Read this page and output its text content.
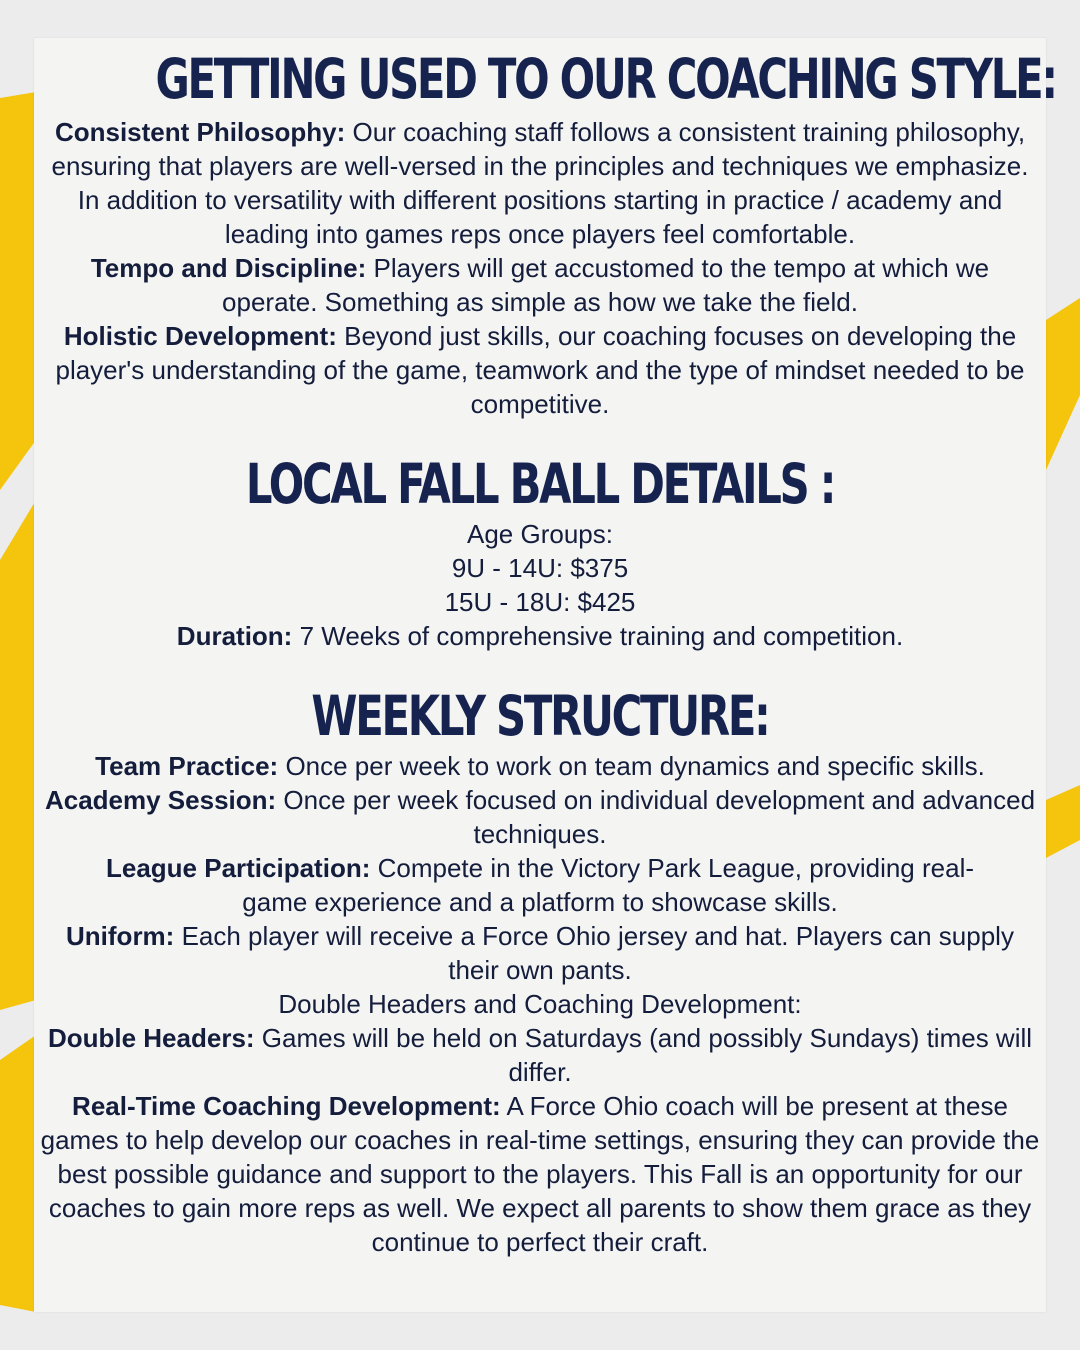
GETTING USED TO OUR COACHING STYLE:

Consistent Philosophy: Our coaching staff follows a consistent training philosophy, ensuring that players are well-versed in the principles and techniques we emphasize. In addition to versatility with different positions starting in practice / academy and leading into games reps once players feel comfortable.

Tempo and Discipline: Players will get accustomed to the tempo at which we operate. Something as simple as how we take the field.

Holistic Development: Beyond just skills, our coaching focuses on developing the player's understanding of the game, teamwork and the type of mindset needed to be competitive.

LOCAL FALL BALL DETAILS :

Age Groups:

9U - 14U: $375

15U - 18U: $425

Duration: 7 Weeks of comprehensive training and competition.

WEEKLY STRUCTURE:

Team Practice: Once per week to work on team dynamics and specific skills.

Academy Session: Once per week focused on individual development and advanced techniques.

League Participation: Compete in the Victory Park League, providing real-game experience and a platform to showcase skills.

Uniform: Each player will receive a Force Ohio jersey and hat. Players can supply their own pants.

Double Headers and Coaching Development:

Double Headers: Games will be held on Saturdays (and possibly Sundays) times will differ.

Real-Time Coaching Development: A Force Ohio coach will be present at these games to help develop our coaches in real-time settings, ensuring they can provide the best possible guidance and support to the players. This Fall is an opportunity for our coaches to gain more reps as well. We expect all parents to show them grace as they continue to perfect their craft.
